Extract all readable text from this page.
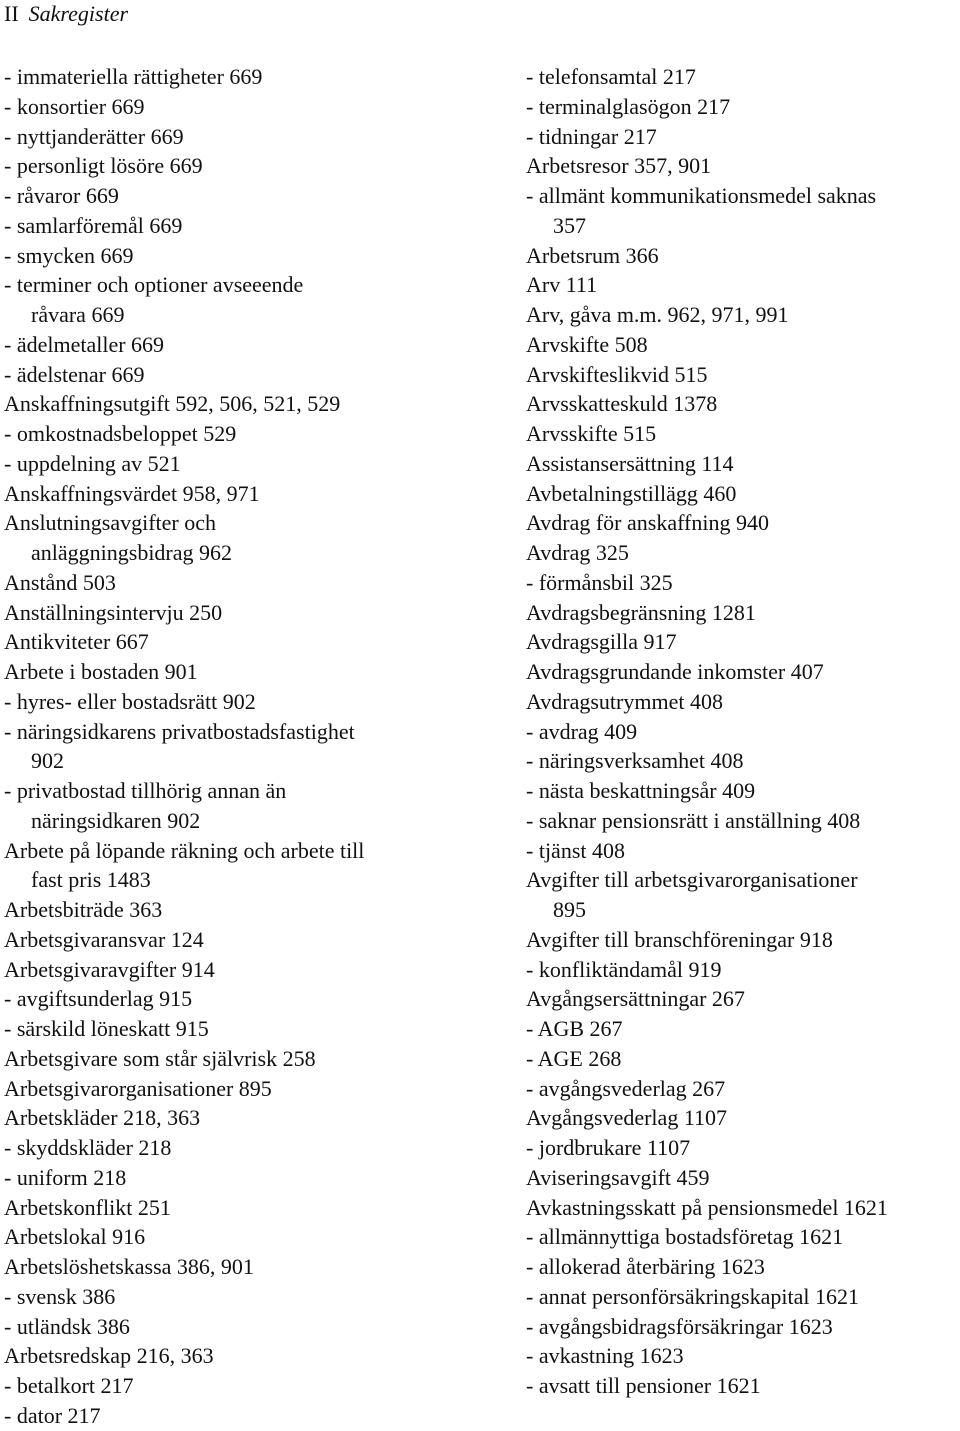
II Sakregister
- immateriella rättigheter 669
- konsortier 669
- nyttjanderätter 669
- personligt lösöre 669
- råvaror 669
- samlarföremål 669
- smycken 669
- terminer och optioner avseeende
råvara 669
- ädelmetaller 669
- ädelstenar 669
Anskaffningsutgift 592, 506, 521, 529
- omkostnadsbeloppet 529
- uppdelning av 521
Anskaffningsvärdet 958, 971
Anslutningsavgifter och
anläggningsbidrag 962
Anstånd 503
Anställningsintervju 250
Antikviteter 667
Arbete i bostaden 901
- hyres- eller bostadsrätt 902
- näringsidkarens privatbostadsfastighet
902
- privatbostad tillhörig annan än
näringsidkaren 902
Arbete på löpande räkning och arbete till
fast pris 1483
Arbetsbiträde 363
Arbetsgivaransvar 124
Arbetsgivaravgifter 914
- avgiftsunderlag 915
- särskild löneskatt 915
Arbetsgivare som står självrisk 258
Arbetsgivarorganisationer 895
Arbetskläder 218, 363
- skyddskläder 218
- uniform 218
Arbetskonflikt 251
Arbetslokal 916
Arbetslöshetskassa 386, 901
- svensk 386
- utländsk 386
Arbetsredskap 216, 363
- betalkort 217
- dator 217
- telefonsamtal 217
- terminalglasögon 217
- tidningar 217
Arbetsresor 357, 901
- allmänt kommunikationsmedel saknas
357
Arbetsrum 366
Arv 111
Arv, gåva m.m. 962, 971, 991
Arvskifte 508
Arvskifteslikvid 515
Arvsskatteskuld 1378
Arvsskifte 515
Assistansersättning 114
Avbetalningstillägg 460
Avdrag för anskaffning 940
Avdrag 325
- förmånsbil 325
Avdragsbegränsning 1281
Avdragsgilla 917
Avdragsgrundande inkomster 407
Avdragsutrymmet 408
- avdrag 409
- näringsverksamhet 408
- nästa beskattningsår 409
- saknar pensionsrätt i anställning 408
- tjänst 408
Avgifter till arbetsgivarorganisationer
895
Avgifter till branschföreningar 918
- konfliktändamål 919
Avgångsersättningar 267
- AGB 267
- AGE 268
- avgångsvederlag 267
Avgångsvederlag 1107
- jordbrukare 1107
Aviseringsavgift 459
Avkastningsskatt på pensionsmedel 1621
- allmännyttiga bostadsföretag 1621
- allokerad återbäring 1623
- annat personförsäkringskapital 1621
- avgångsbidragsförsäkringar 1623
- avkastning 1623
- avsatt till pensioner 1621
